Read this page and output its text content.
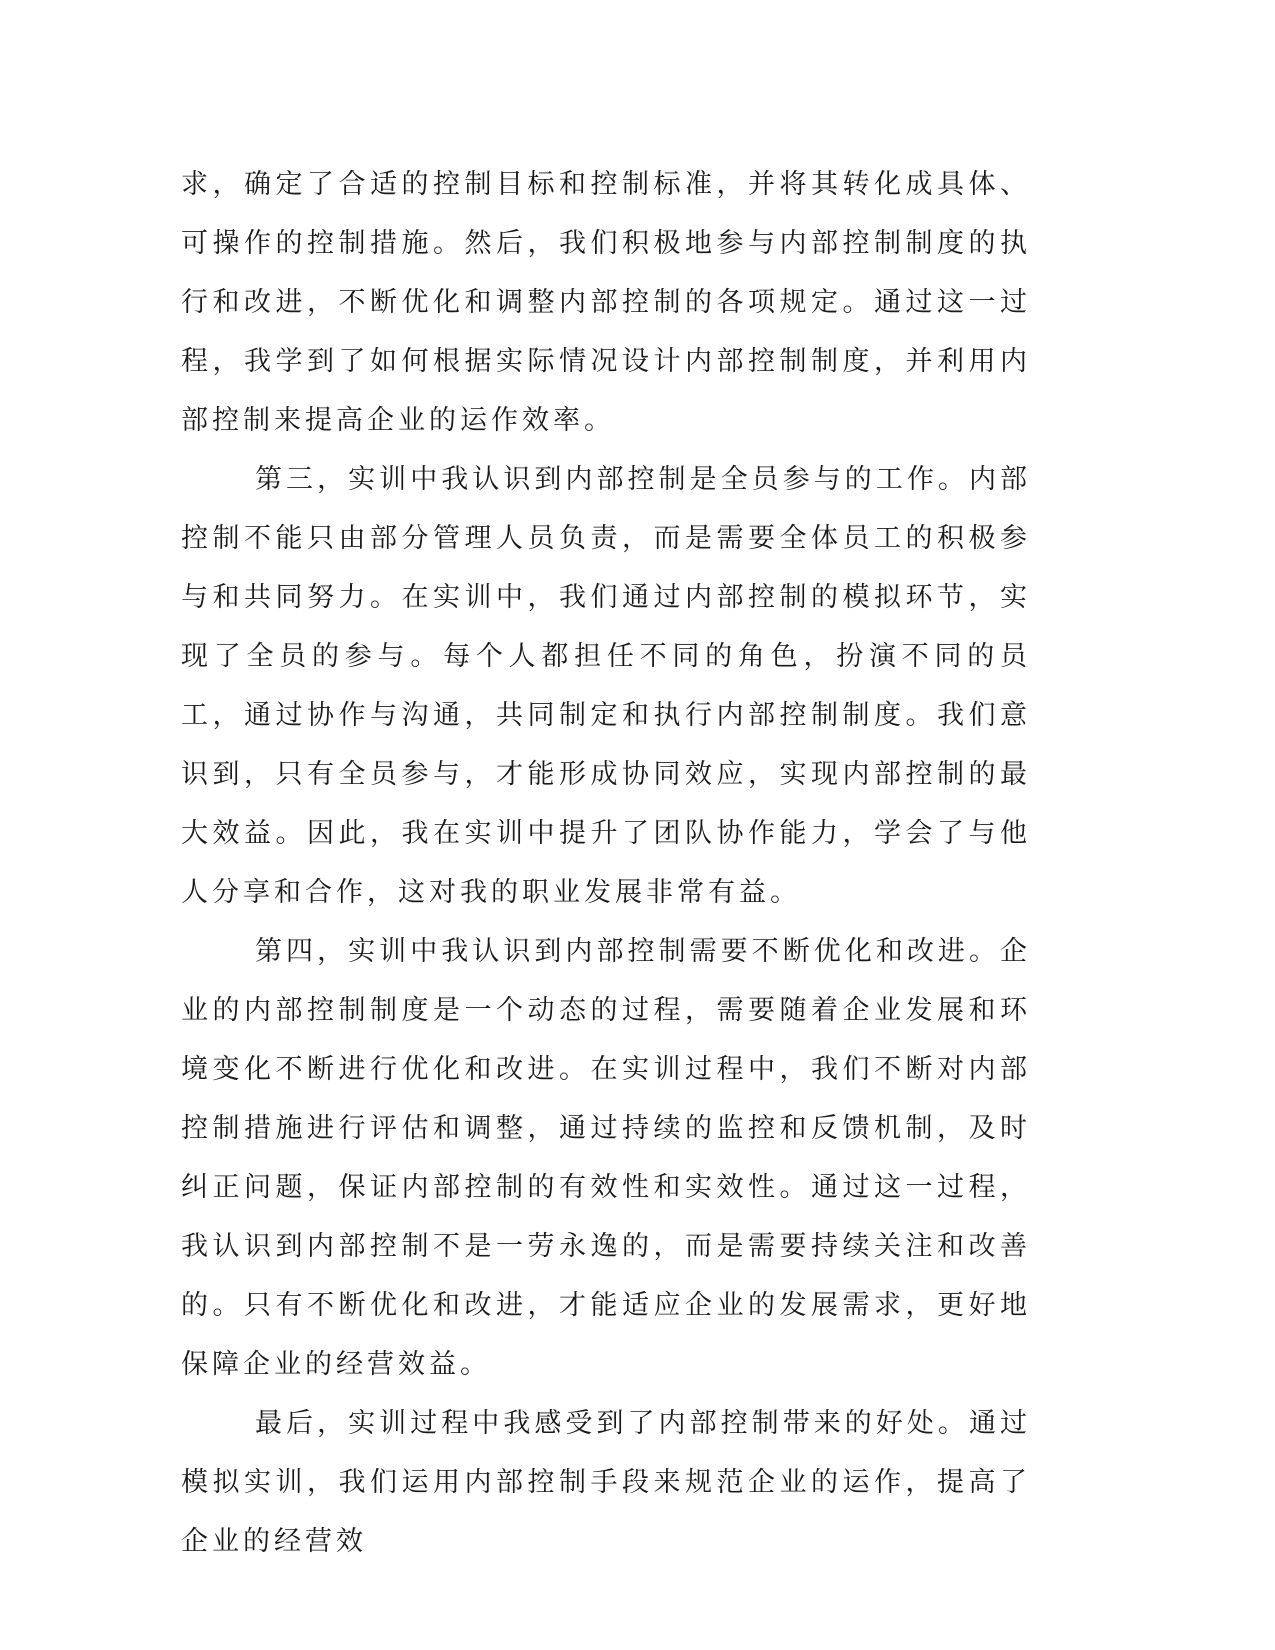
求，确定了合适的控制目标和控制标准，并将其转化成具体、可操作的控制措施。然后，我们积极地参与内部控制制度的执行和改进，不断优化和调整内部控制的各项规定。通过这一过程，我学到了如何根据实际情况设计内部控制制度，并利用内部控制来提高企业的运作效率。

第三，实训中我认识到内部控制是全员参与的工作。内部控制不能只由部分管理人员负责，而是需要全体员工的积极参与和共同努力。在实训中，我们通过内部控制的模拟环节，实现了全员的参与。每个人都担任不同的角色，扮演不同的员工，通过协作与沟通，共同制定和执行内部控制制度。我们意识到，只有全员参与，才能形成协同效应，实现内部控制的最大效益。因此，我在实训中提升了团队协作能力，学会了与他人分享和合作，这对我的职业发展非常有益。

第四，实训中我认识到内部控制需要不断优化和改进。企业的内部控制制度是一个动态的过程，需要随着企业发展和环境变化不断进行优化和改进。在实训过程中，我们不断对内部控制措施进行评估和调整，通过持续的监控和反馈机制，及时纠正问题，保证内部控制的有效性和实效性。通过这一过程，我认识到内部控制不是一劳永逸的，而是需要持续关注和改善的。只有不断优化和改进，才能适应企业的发展需求，更好地保障企业的经营效益。

最后，实训过程中我感受到了内部控制带来的好处。通过模拟实训，我们运用内部控制手段来规范企业的运作，提高了企业的经营效
